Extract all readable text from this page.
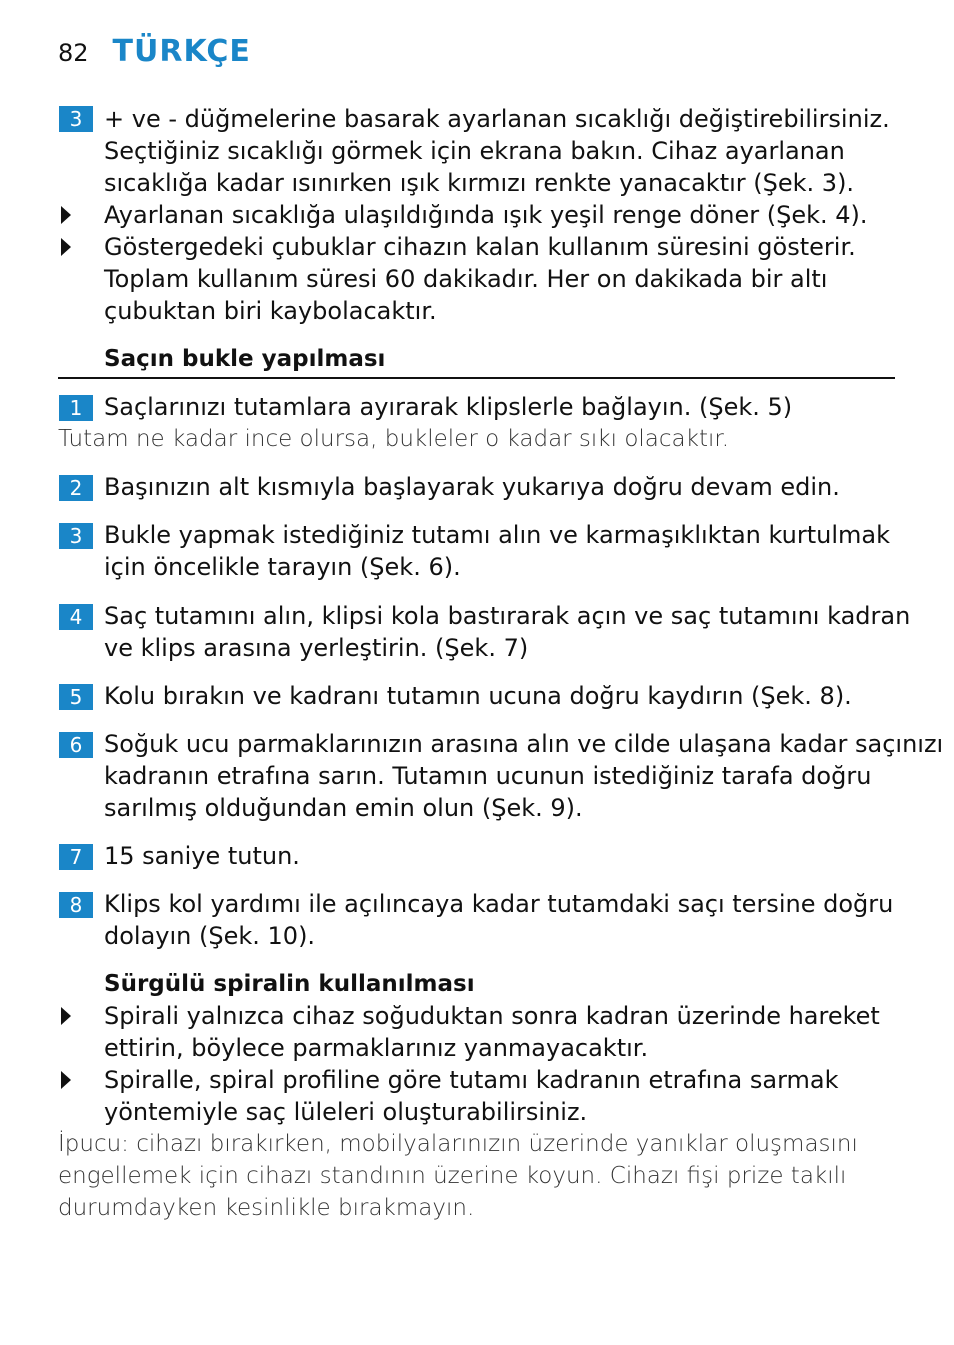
82 TÜRKÇE
3 + ve - düğmelerine basarak ayarlanan sıcaklığı değiştirebilirsiniz.
Seçtiğiniz sıcaklığı görmek için ekrana bakın. Cihaz ayarlanan
sıcaklığa kadar ısınırken ışık kırmızı renkte yanacaktır (Şek. 3).
Ayarlanan sıcaklığa ulaşıldığında ışık yeşil renge döner (Şek. 4).
Göstergedeki çubuklar cihazın kalan kullanım süresini gösterir.
Toplam kullanım süresi 60 dakikadır. Her on dakikada bir altı
çubuktan biri kaybolacaktır.
Saçın bukle yapılması
1 Saçlarınızı tutamlara ayırarak klipslerle bağlayın. (Şek. 5)
Tutam ne kadar ince olursa, bukleler o kadar sıkı olacaktır.
2 Başınızın alt kısmıyla başlayarak yukarıya doğru devam edin.
3 Bukle yapmak istediğiniz tutamı alın ve karmaşıklıktan kurtulmak
için öncelikle tarayın (Şek. 6).
4 Saç tutamını alın, klipsi kola bastırarak açın ve saç tutamını kadran
ve klips arasına yerleştirin. (Şek. 7)
5 Kolu bırakın ve kadranı tutamın ucuna doğru kaydırın (Şek. 8).
6 Soğuk ucu parmaklarınızın arasına alın ve cilde ulaşana kadar saçınızı
kadranın etrafına sarın. Tutamın ucunun istediğiniz tarafa doğru
sarılmış olduğundan emin olun (Şek. 9).
7 15 saniye tutun.
8 Klips kol yardımı ile açılıncaya kadar tutamdaki saçı tersine doğru
dolayın (Şek. 10).
Sürgülü spiralin kullanılması
Spirali yalnızca cihaz soğuduktan sonra kadran üzerinde hareket
ettirin, böylece parmaklarınız yanmayacaktır.
Spiralle, spiral profiline göre tutamı kadranın etrafına sarmak
yöntemiyle saç lüleleri oluşturabilirsiniz.
İpucu: cihazı bırakırken, mobilyalarınızın üzerinde yanıklar oluşmasını
engellemek için cihazı standının üzerine koyun. Cihazı fişi prize takılı
durumdayken kesinlikle bırakmayın.
